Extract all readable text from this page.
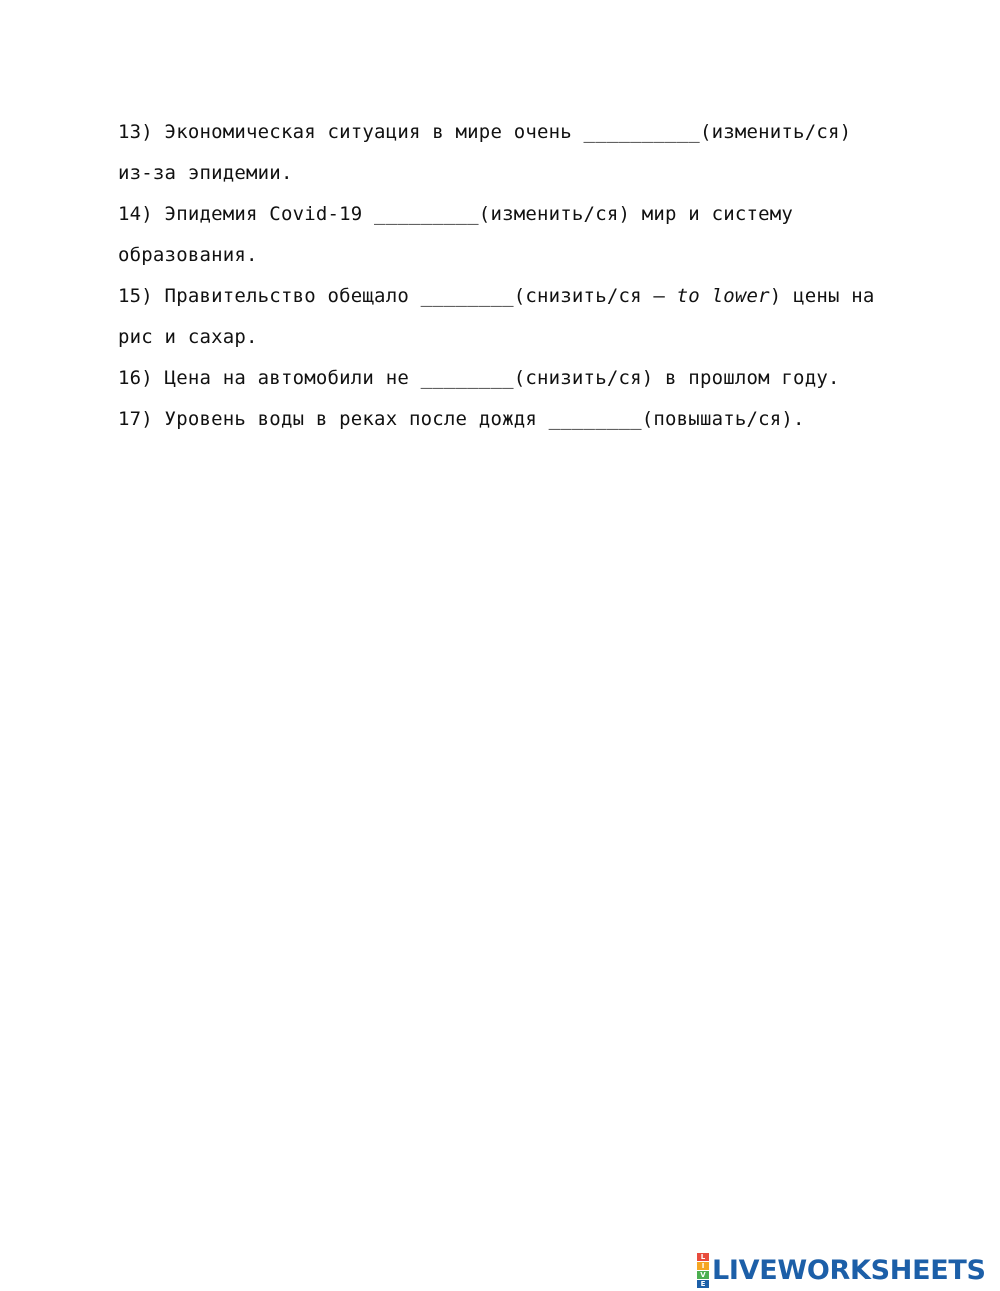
13) Экономическая ситуация в мире очень __________(изменить/ся)
из-за эпидемии.
14) Эпидемия Covid-19 _________(изменить/ся) мир и систему
образования.
15) Правительство обещало ________(снизить/ся – to lower) цены на
рис и сахар.
16) Цена на автомобили не ________(снизить/ся) в прошлом году.
17) Уровень воды в реках после дождя ________(повышать/ся).
L
I
V
E LIVEWORKSHEETS
